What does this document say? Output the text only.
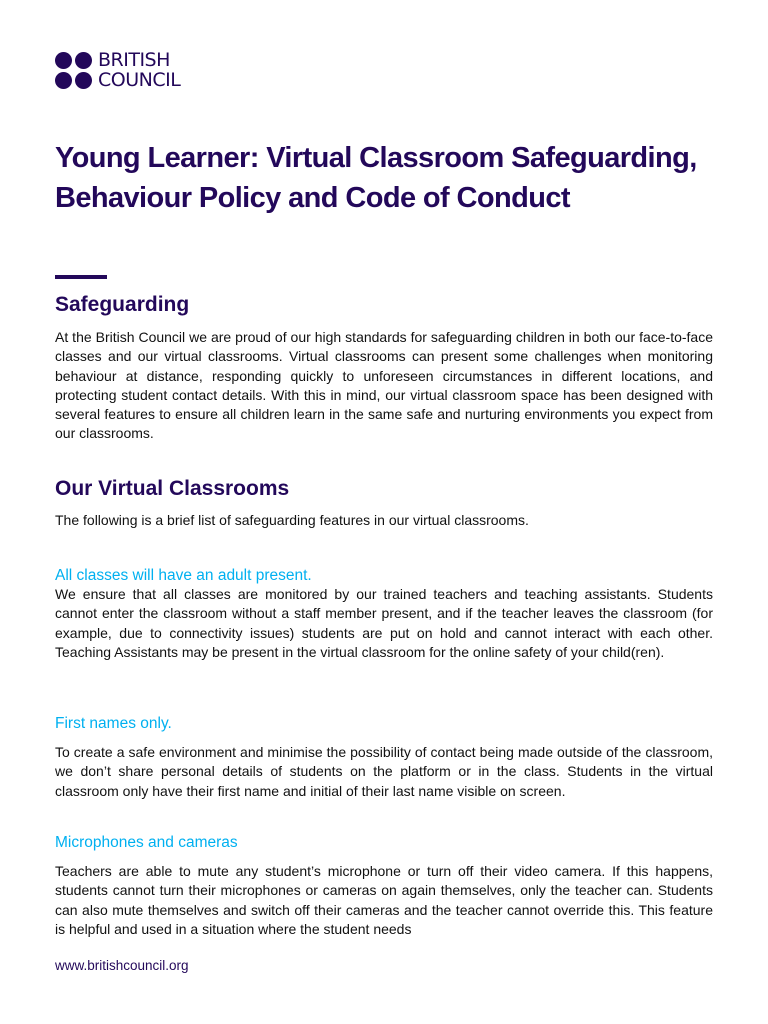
BRITISH
COUNCIL
Young Learner: Virtual Classroom Safeguarding, Behaviour Policy and Code of Conduct
Safeguarding

At the British Council we are proud of our high standards for safeguarding children in both our face-to-face classes and our virtual classrooms. Virtual classrooms can present some challenges when monitoring behaviour at distance, responding quickly to unforeseen circumstances in different locations, and protecting student contact details. With this in mind, our virtual classroom space has been designed with several features to ensure all children learn in the same safe and nurturing environments you expect from our classrooms.

Our Virtual Classrooms

The following is a brief list of safeguarding features in our virtual classrooms.

All classes will have an adult present.

We ensure that all classes are monitored by our trained teachers and teaching assistants. Students cannot enter the classroom without a staff member present, and if the teacher leaves the classroom (for example, due to connectivity issues) students are put on hold and cannot interact with each other. Teaching Assistants may be present in the virtual classroom for the online safety of your child(ren).

First names only.

To create a safe environment and minimise the possibility of contact being made outside of the classroom, we don’t share personal details of students on the platform or in the class. Students in the virtual classroom only have their first name and initial of their last name visible on screen.

Microphones and cameras

Teachers are able to mute any student’s microphone or turn off their video camera. If this happens, students cannot turn their microphones or cameras on again themselves, only the teacher can. Students can also mute themselves and switch off their cameras and the teacher cannot override this. This feature is helpful and used in a situation where the student needs

www.britishcouncil.org
